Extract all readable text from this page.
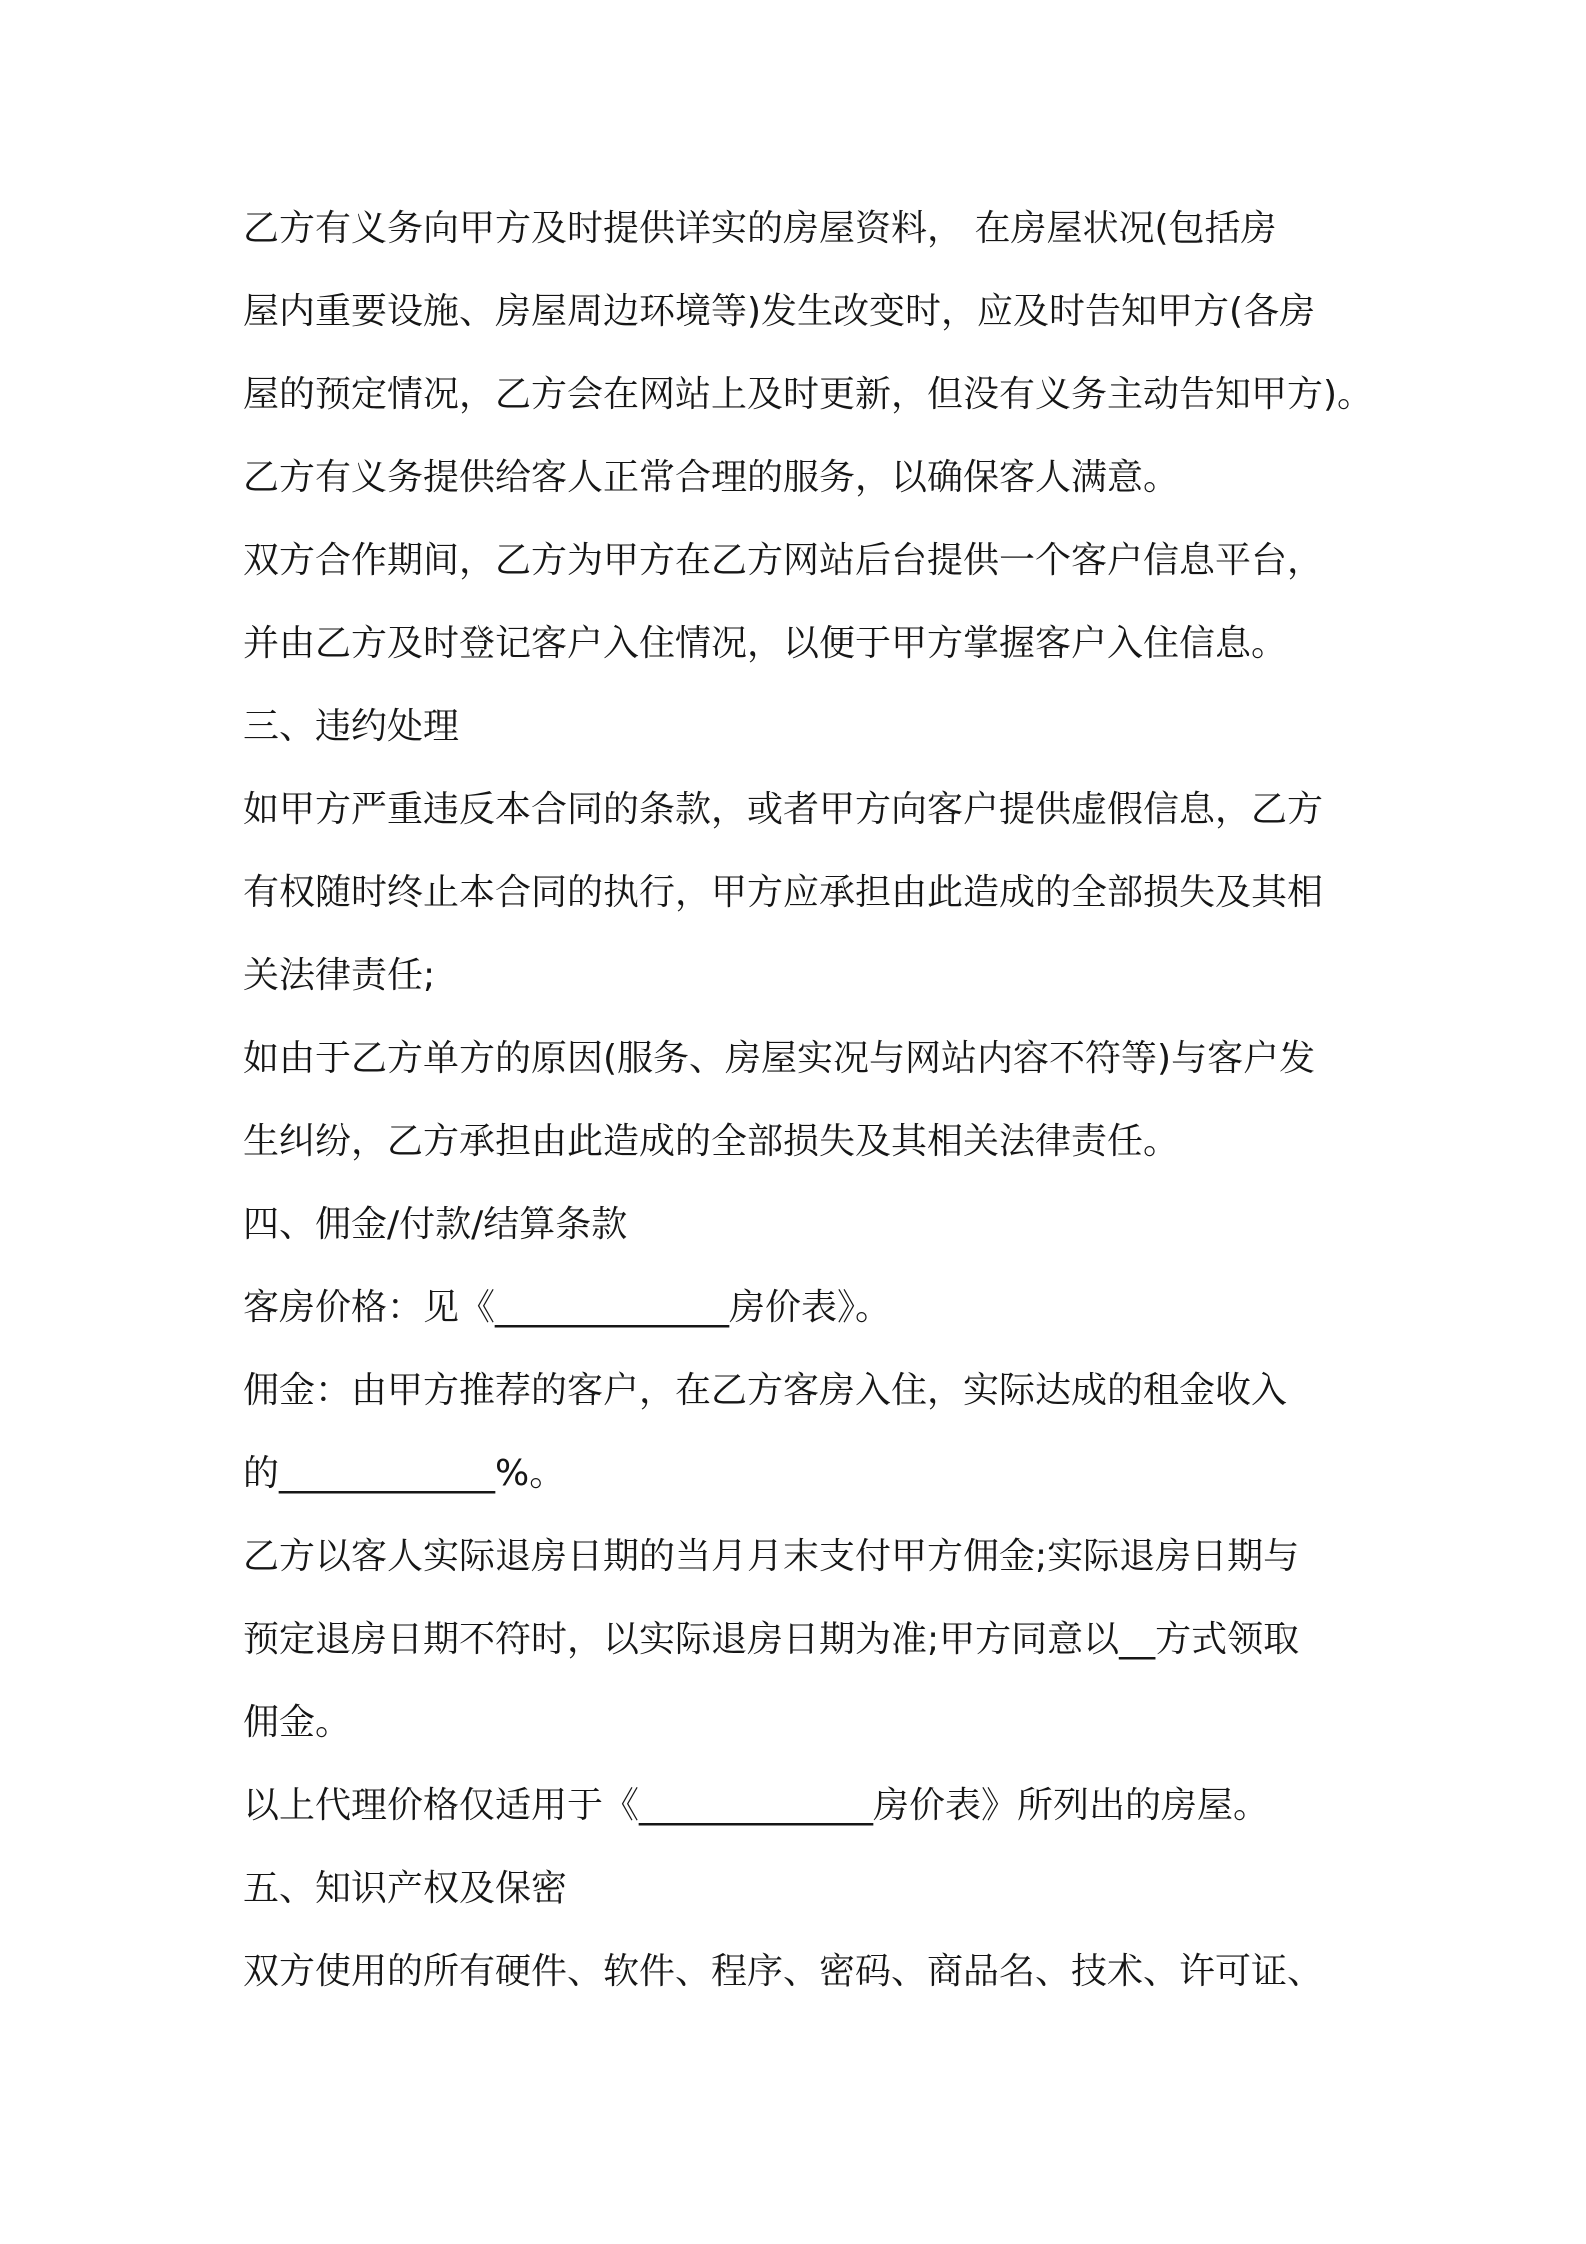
乙方有义务向甲方及时提供详实的房屋资料， 在房屋状况(包括房

屋内重要设施、房屋周边环境等)发生改变时，应及时告知甲方(各房

屋的预定情况，乙方会在网站上及时更新，但没有义务主动告知甲方)。

乙方有义务提供给客人正常合理的服务，以确保客人满意。

双方合作期间，乙方为甲方在乙方网站后台提供一个客户信息平台，

并由乙方及时登记客户入住情况，以便于甲方掌握客户入住信息。

三、违约处理

如甲方严重违反本合同的条款，或者甲方向客户提供虚假信息，乙方

有权随时终止本合同的执行，甲方应承担由此造成的全部损失及其相

关法律责任;

如由于乙方单方的原因(服务、房屋实况与网站内容不符等)与客户发

生纠纷，乙方承担由此造成的全部损失及其相关法律责任。

四、佣金/付款/结算条款

客房价格：见《_____________房价表》。

佣金：由甲方推荐的客户，在乙方客房入住，实际达成的租金收入

的____________%。

乙方以客人实际退房日期的当月月末支付甲方佣金;实际退房日期与

预定退房日期不符时，以实际退房日期为准;甲方同意以__方式领取

佣金。

以上代理价格仅适用于《_____________房价表》所列出的房屋。

五、知识产权及保密

双方使用的所有硬件、软件、程序、密码、商品名、技术、许可证、
